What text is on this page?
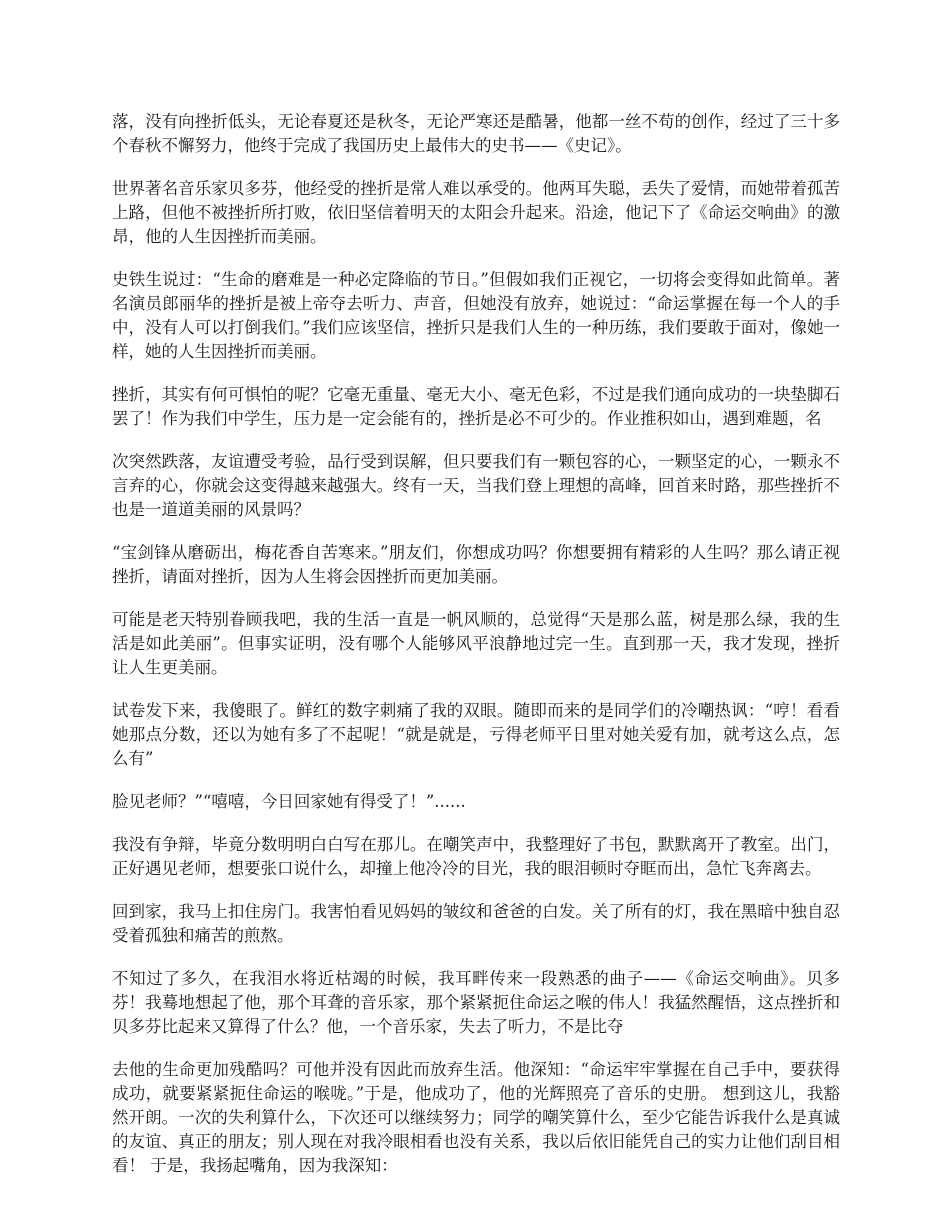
落，没有向挫折低头，无论春夏还是秋冬，无论严寒还是酷暑，他都一丝不苟的创作，经过了三十多个春秋不懈努力，他终于完成了我国历史上最伟大的史书——《史记》。

世界著名音乐家贝多芬，他经受的挫折是常人难以承受的。他两耳失聪，丢失了爱情，而她带着孤苦上路，但他不被挫折所打败，依旧坚信着明天的太阳会升起来。沿途，他记下了《命运交响曲》的激昂，他的人生因挫折而美丽。

史铁生说过：“生命的磨难是一种必定降临的节日。”但假如我们正视它，一切将会变得如此简单。著名演员郎丽华的挫折是被上帝夺去听力、声音，但她没有放弃，她说过：“命运掌握在每一个人的手中，没有人可以打倒我们。”我们应该坚信，挫折只是我们人生的一种历练，我们要敢于面对，像她一样，她的人生因挫折而美丽。

挫折，其实有何可惧怕的呢？它毫无重量、毫无大小、毫无色彩，不过是我们通向成功的一块垫脚石罢了！作为我们中学生，压力是一定会能有的，挫折是必不可少的。作业推积如山，遇到难题，名

次突然跌落，友谊遭受考验，品行受到误解，但只要我们有一颗包容的心，一颗坚定的心，一颗永不言弃的心，你就会这变得越来越强大。终有一天，当我们登上理想的高峰，回首来时路，那些挫折不也是一道道美丽的风景吗？

“宝剑锋从磨砺出，梅花香自苦寒来。”朋友们，你想成功吗？你想要拥有精彩的人生吗？那么请正视挫折，请面对挫折，因为人生将会因挫折而更加美丽。

可能是老天特别眷顾我吧，我的生活一直是一帆风顺的，总觉得“天是那么蓝，树是那么绿，我的生活是如此美丽”。但事实证明，没有哪个人能够风平浪静地过完一生。直到那一天，我才发现，挫折让人生更美丽。

试卷发下来，我傻眼了。鲜红的数字刺痛了我的双眼。随即而来的是同学们的冷嘲热讽：“哼！看看她那点分数，还以为她有多了不起呢！“就是就是，亏得老师平日里对她关爱有加，就考这么点，怎么有”

脸见老师？”“嘻嘻，今日回家她有得受了！”......

我没有争辩，毕竟分数明明白白写在那儿。在嘲笑声中，我整理好了书包，默默离开了教室。出门，正好遇见老师，想要张口说什么，却撞上他冷冷的目光，我的眼泪顿时夺眶而出，急忙飞奔离去。

回到家，我马上扣住房门。我害怕看见妈妈的皱纹和爸爸的白发。关了所有的灯，我在黑暗中独自忍受着孤独和痛苦的煎熬。

不知过了多久，在我泪水将近枯竭的时候，我耳畔传来一段熟悉的曲子——《命运交响曲》。贝多芬！我蓦地想起了他，那个耳聋的音乐家，那个紧紧扼住命运之喉的伟人！我猛然醒悟，这点挫折和贝多芬比起来又算得了什么？他，一个音乐家，失去了听力，不是比夺

去他的生命更加残酷吗？可他并没有因此而放弃生活。他深知：“命运牢牢掌握在自己手中，要获得成功，就要紧紧扼住命运的喉咙。”于是，他成功了，他的光辉照亮了音乐的史册。 想到这儿，我豁然开朗。一次的失利算什么，下次还可以继续努力；同学的嘲笑算什么，至少它能告诉我什么是真诚的友谊、真正的朋友；别人现在对我冷眼相看也没有关系，我以后依旧能凭自己的实力让他们刮目相看！ 于是，我扬起嘴角，因为我深知：
